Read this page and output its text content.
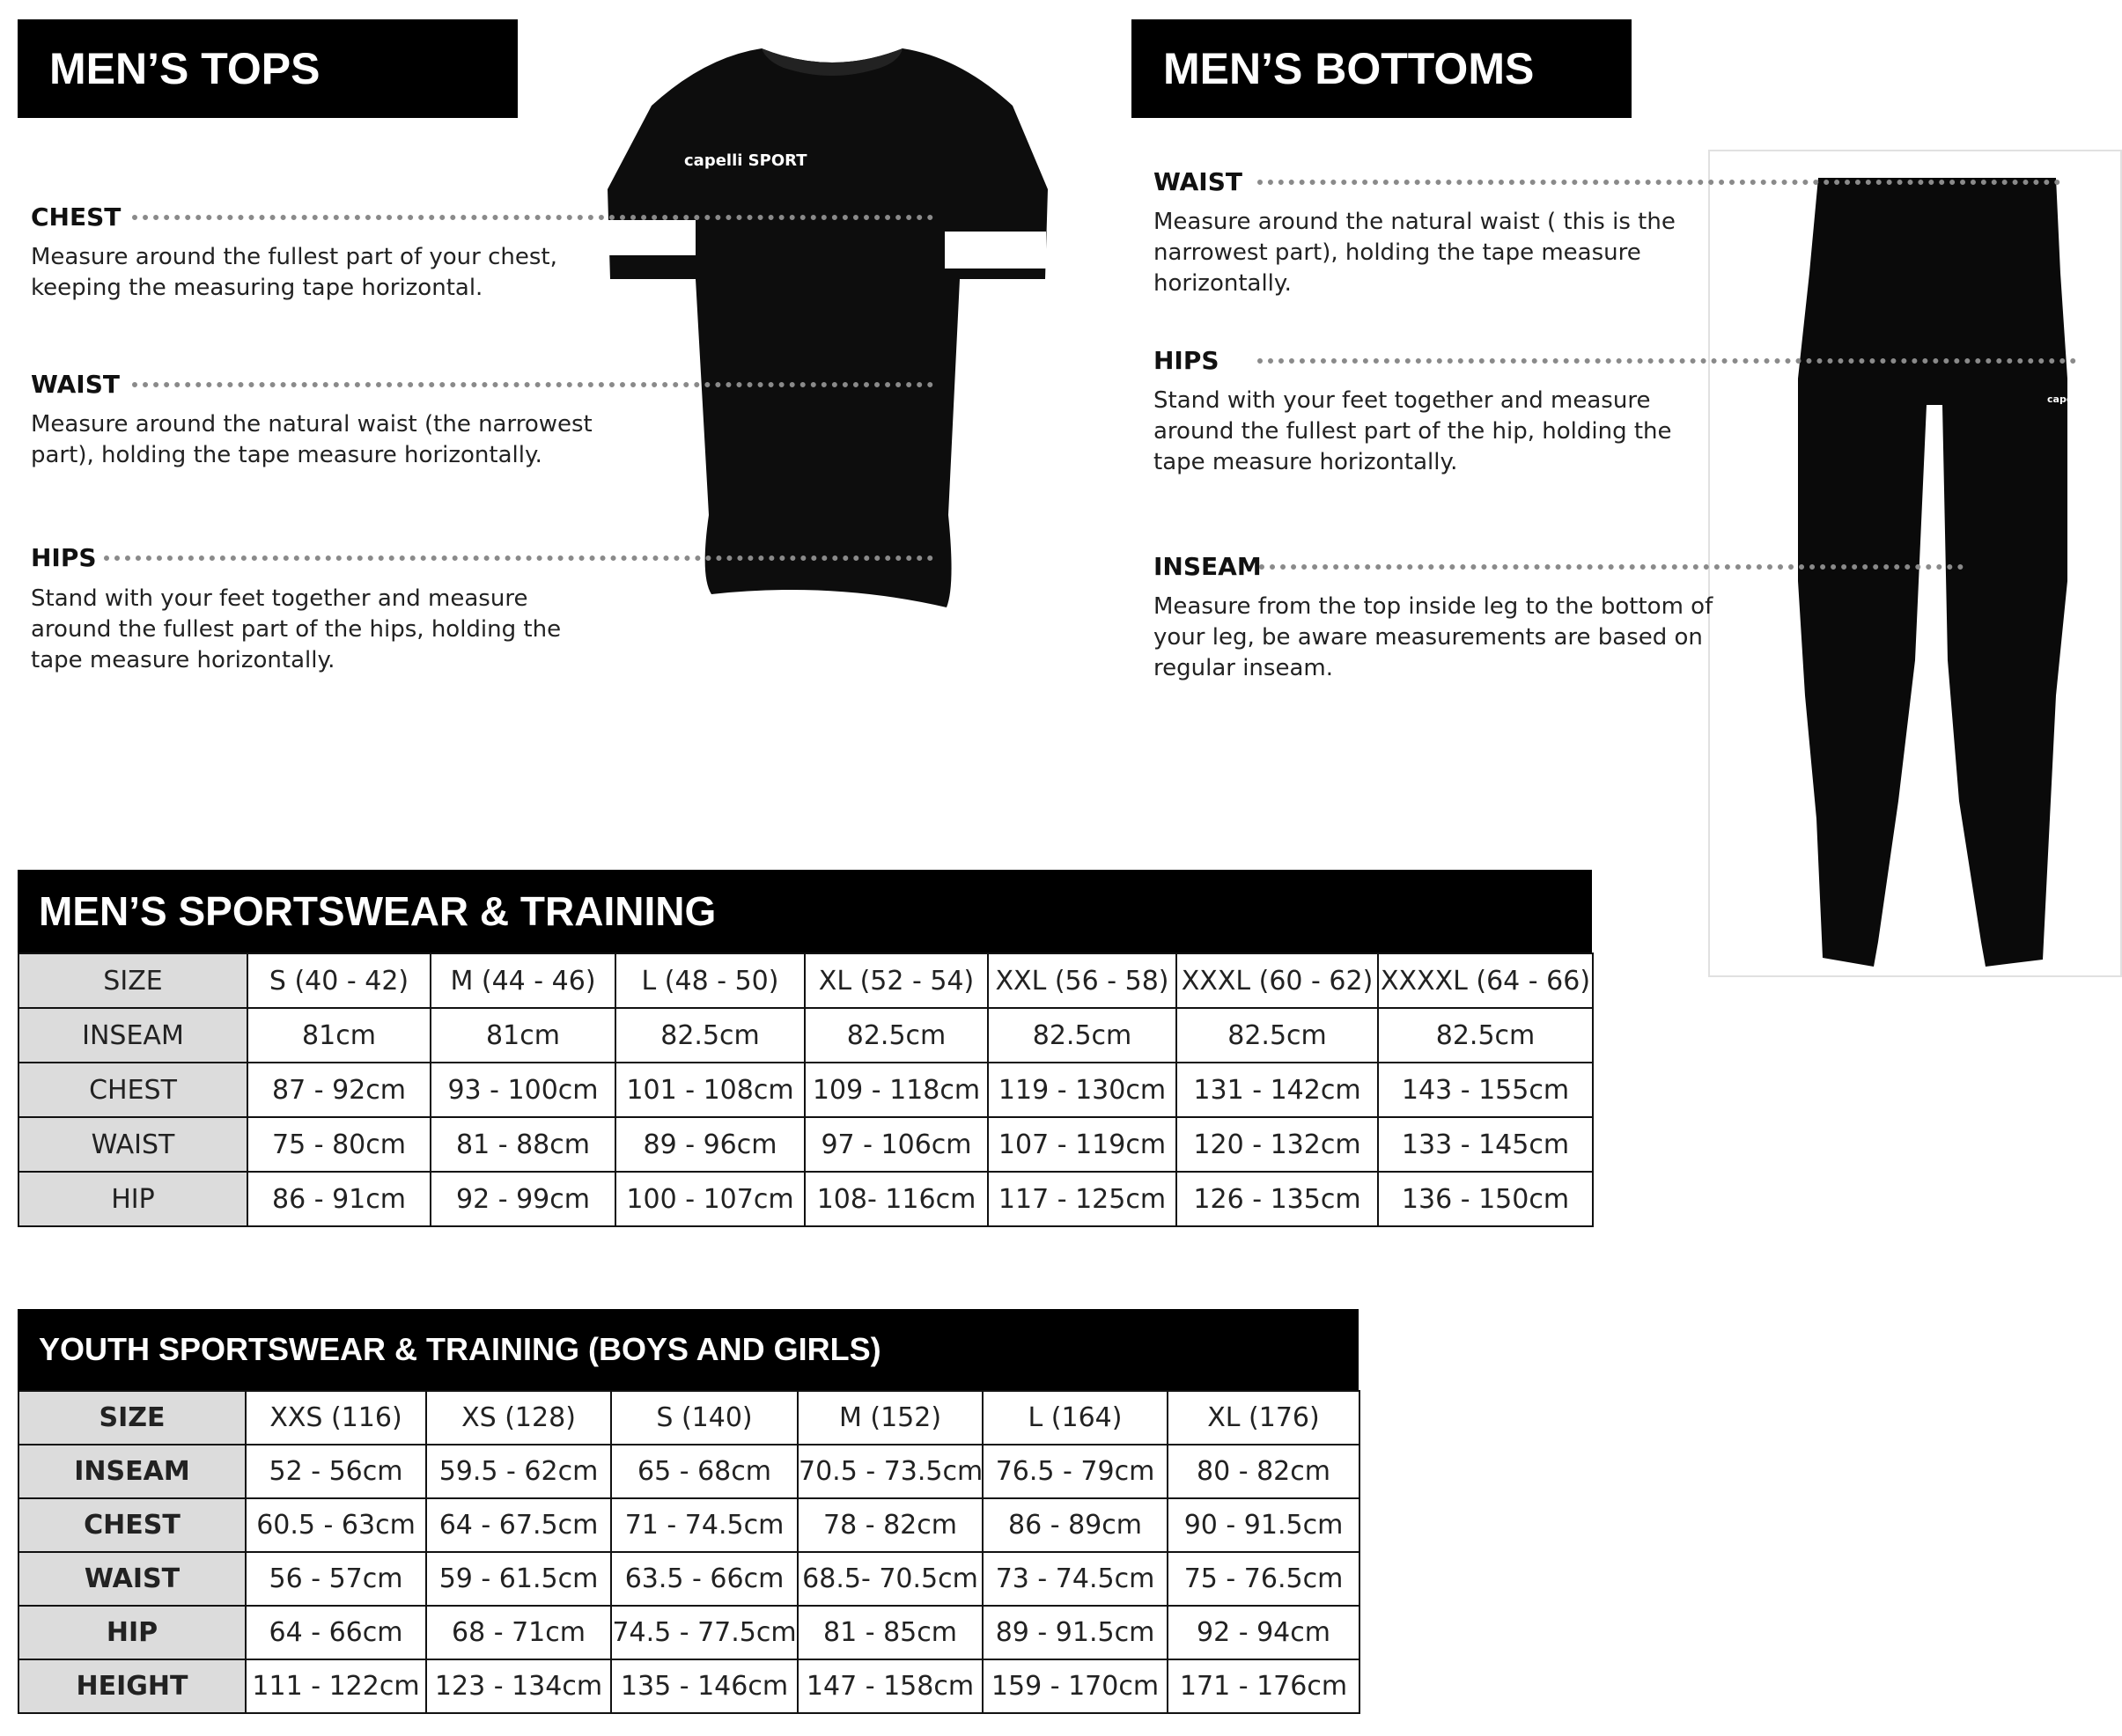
MEN’S TOPS
capelli SPORT
CHEST
Measure around the fullest part of your chest, keeping the measuring tape horizontal.
WAIST
Measure around the natural waist (the narrowest part), holding the tape measure horizontally.
HIPS
Stand with your feet together and measure around the fullest part of the hips, holding the tape measure horizontally.
MEN’S BOTTOMS
capelli
WAIST
Measure around the natural waist ( this is the narrowest part), holding the tape measure horizontally.
HIPS
Stand with your feet together and measure around the fullest part of the hip, holding the tape measure horizontally.
INSEAM
Measure from the top inside leg to the bottom of your leg, be aware measurements are based on regular inseam.
MEN’S SPORTSWEAR & TRAINING
SIZE	S (40 - 42)	M (44 - 46)	L (48 - 50)	XL (52 - 54)	XXL (56 - 58)	XXXL (60 - 62)	XXXXL (64 - 66)
INSEAM	81cm	81cm	82.5cm	82.5cm	82.5cm	82.5cm	82.5cm
CHEST	87 - 92cm	93 - 100cm	101 - 108cm	109 - 118cm	119 - 130cm	131 - 142cm	143 - 155cm
WAIST	75 - 80cm	81 - 88cm	89 - 96cm	97 - 106cm	107 - 119cm	120 - 132cm	133 - 145cm
HIP	86 - 91cm	92 - 99cm	100 - 107cm	108- 116cm	117 - 125cm	126 - 135cm	136 - 150cm
YOUTH SPORTSWEAR & TRAINING (BOYS AND GIRLS)
SIZE	XXS (116)	XS (128)	S (140)	M (152)	L (164)	XL (176)
INSEAM	52 - 56cm	59.5 - 62cm	65 - 68cm	70.5 - 73.5cm	76.5 - 79cm	80 - 82cm
CHEST	60.5 - 63cm	64 - 67.5cm	71 - 74.5cm	78 - 82cm	86 - 89cm	90 - 91.5cm
WAIST	56 - 57cm	59 - 61.5cm	63.5 - 66cm	68.5- 70.5cm	73 - 74.5cm	75 - 76.5cm
HIP	64 - 66cm	68 - 71cm	74.5 - 77.5cm	81 - 85cm	89 - 91.5cm	92 - 94cm
HEIGHT	111 - 122cm	123 - 134cm	135 - 146cm	147 - 158cm	159 - 170cm	171 - 176cm
